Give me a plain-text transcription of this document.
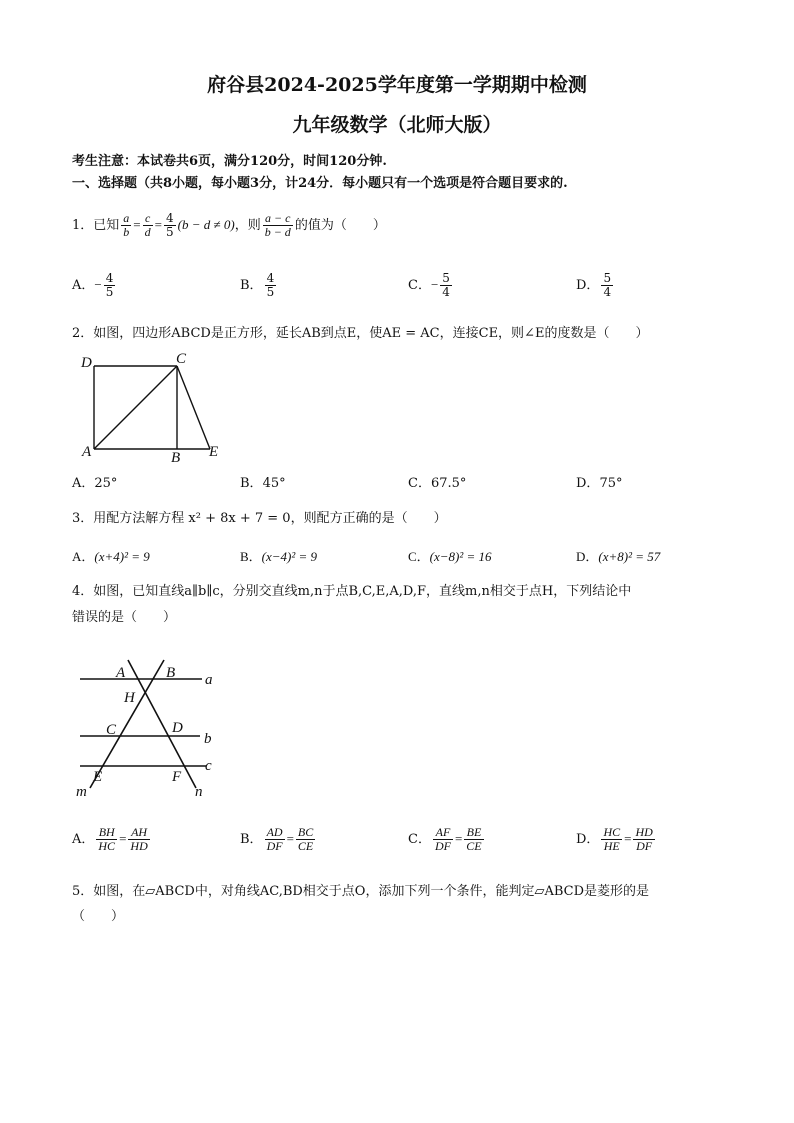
府谷县2024-2025学年度第一学期期中检测
九年级数学（北师大版）
考生注意：本试卷共6页，满分120分，时间120分钟.
一、选择题（共8小题，每小题3分，计24分．每小题只有一个选项是符合题目要求的.
1．已知 $\frac{a}{b} = \frac{c}{d} = \frac{4}{5} (b - d \ne 0)$，则 $\frac{a - c}{b - d}$ 的值为（　　）
A．− $\frac{4}{5}$	B． $\frac{4}{5}$	C．− $\frac{5}{4}$	D． $\frac{5}{4}$
2．如图，四边形ABCD是正方形，延长AB到点E，使AE = AC，连接CE，则∠E的度数是（　　）
D	C
A	B E
A．25°	B．45°	C．67.5°	D．75°
3．用配方法解方程 x² + 8x + 7 = 0，则配方正确的是（　　）
A．(x+4)² = 9	B．(x−4)² = 9	C．(x−8)² = 16	D．(x+8)² = 57
4．如图，已知直线a∥b∥c，分别交直线m,n于点B,C,E,A,D,F，直线m,n相交于点H，下列结论中
错误的是（　　）
A	B a
H
C	D
b
c
E	F
m	n
A． $\frac{BH}{HC} = \frac{AH}{HD}$	B． $\frac{AD}{DF} = \frac{BC}{CE}$	C． $\frac{AF}{DF} = \frac{BE}{CE}$	D． $\frac{HC}{HE} = \frac{HD}{DF}$
5．如图，在▱ABCD中，对角线AC,BD相交于点O，添加下列一个条件，能判定▱ABCD是菱形的是
（　　）
